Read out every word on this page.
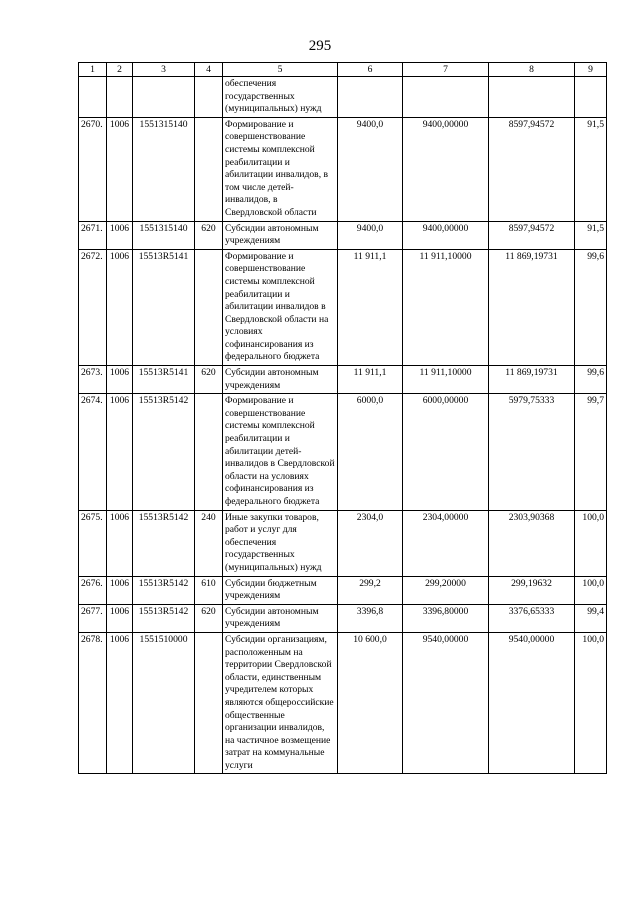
295
1	2	3	4	5	6	7	8	9
				обеспечения государственных (муниципальных) нужд				
2670.	1006	1551315140		Формирование и совершенствование системы комплексной реабилитации и абилитации инвалидов, в том числе детей-инвалидов, в Свердловской области	9400,0	9400,00000	8597,94572	91,5
2671.	1006	1551315140	620	Субсидии автономным учреждениям	9400,0	9400,00000	8597,94572	91,5
2672.	1006	15513R5141		Формирование и совершенствование системы комплексной реабилитации и абилитации инвалидов в Свердловской области на условиях софинансирования из федерального бюджета	11 911,1	11 911,10000	11 869,19731	99,6
2673.	1006	15513R5141	620	Субсидии автономным учреждениям	11 911,1	11 911,10000	11 869,19731	99,6
2674.	1006	15513R5142		Формирование и совершенствование системы комплексной реабилитации и абилитации детей-инвалидов в Свердловской области на условиях софинансирования из федерального бюджета	6000,0	6000,00000	5979,75333	99,7
2675.	1006	15513R5142	240	Иные закупки товаров, работ и услуг для обеспечения государственных (муниципальных) нужд	2304,0	2304,00000	2303,90368	100,0
2676.	1006	15513R5142	610	Субсидии бюджетным учреждениям	299,2	299,20000	299,19632	100,0
2677.	1006	15513R5142	620	Субсидии автономным учреждениям	3396,8	3396,80000	3376,65333	99,4
2678.	1006	1551510000		Субсидии организациям, расположенным на территории Свердловской области, единственным учредителем которых являются общероссийские общественные организации инвалидов, на частичное возмещение затрат на коммунальные услуги	10 600,0	9540,00000	9540,00000	100,0
